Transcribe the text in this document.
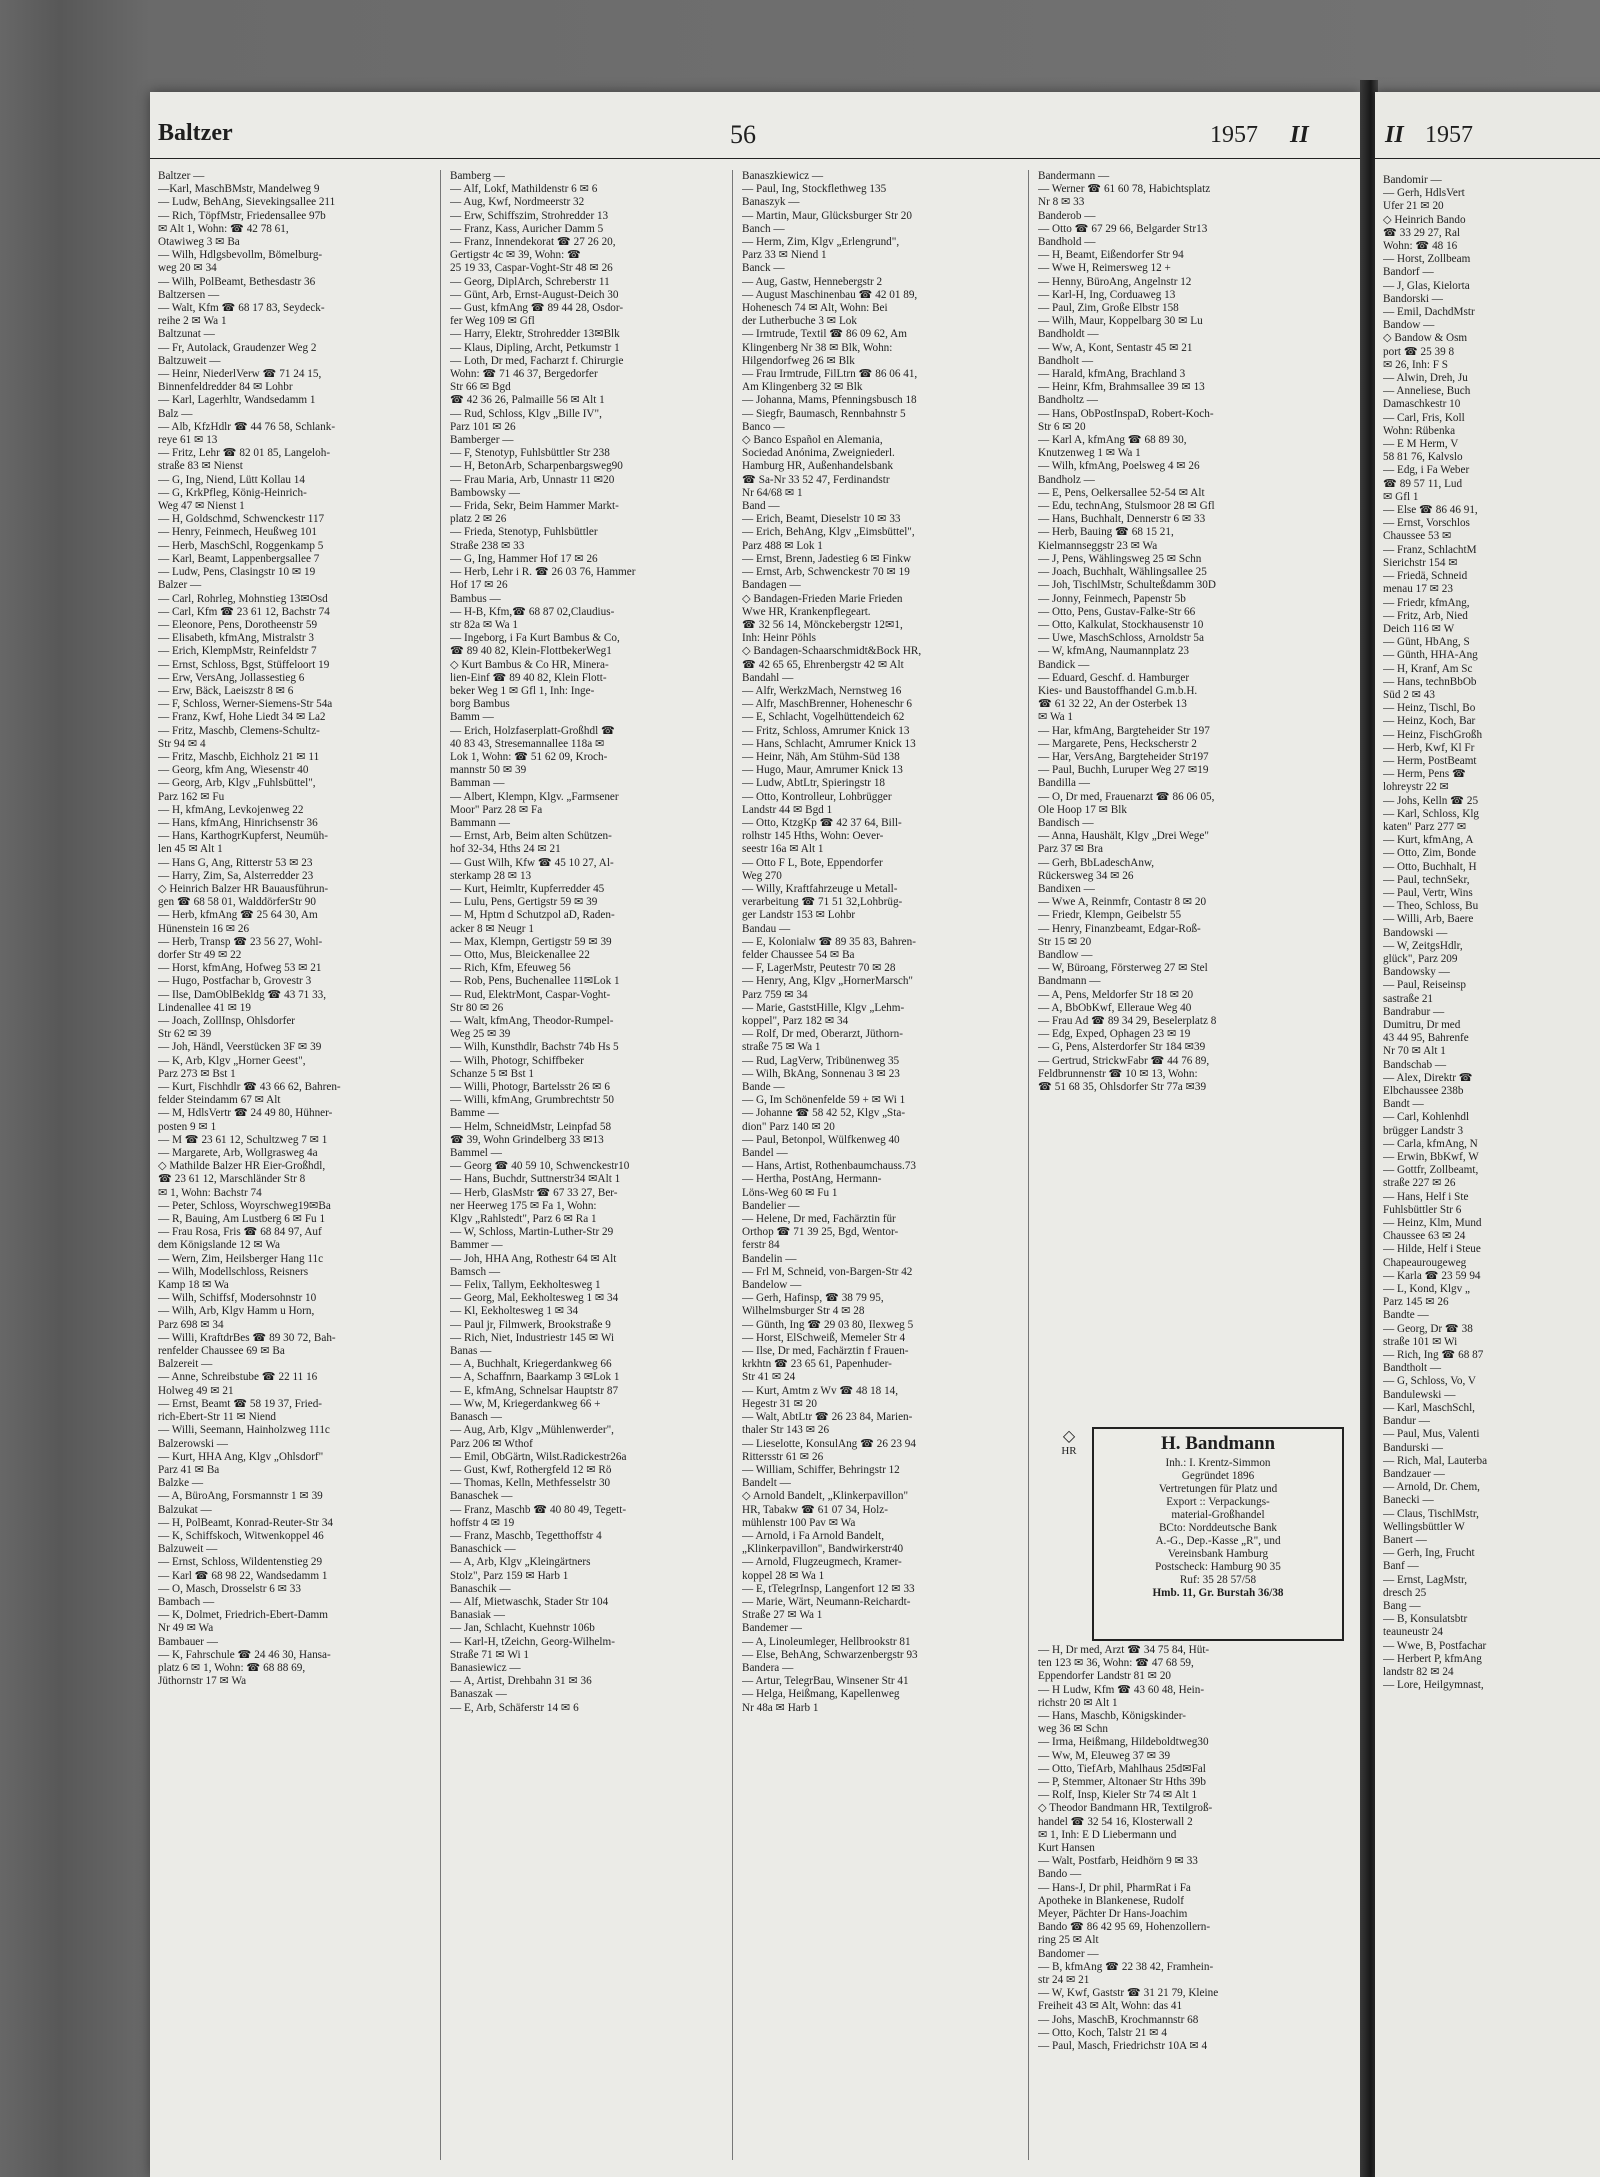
Baltzer	56	1957 II
Baltzer —
—Karl, MaschBMstr, Mandelweg 9
— Ludw, BehAng, Sievekingsallee 211
— Rich, TöpfMstr, Friedensallee 97b
✉ Alt 1, Wohn: ☎ 42 78 61,
Otawiweg 3 ✉ Ba
— Wilh, Hdlgsbevollm, Bömelburg-
weg 20 ✉ 34
— Wilh, PolBeamt, Bethesdastr 36
Baltzersen —
— Walt, Kfm ☎ 68 17 83, Seydeck-
reihe 2 ✉ Wa 1
Baltzunat —
— Fr, Autolack, Graudenzer Weg 2
Baltzuweit —
— Heinr, NiederlVerw ☎ 71 24 15,
Binnenfeldredder 84 ✉ Lohbr
— Karl, Lagerhltr, Wandsedamm 1
Balz —
— Alb, KfzHdlr ☎ 44 76 58, Schlank-
reye 61 ✉ 13
— Fritz, Lehr ☎ 82 01 85, Langeloh-
straße 83 ✉ Nienst
— G, Ing, Niend, Lütt Kollau 14
— G, KrkPfleg, König-Heinrich-
Weg 47 ✉ Nienst 1
— H, Goldschmd, Schwenckestr 117
— Henry, Feinmech, Heußweg 101
— Herb, MaschSchl, Roggenkamp 5
— Karl, Beamt, Lappenbergsallee 7
— Ludw, Pens, Clasingstr 10 ✉ 19
Balzer —
— Carl, Rohrleg, Mohnstieg 13✉Osd
— Carl, Kfm ☎ 23 61 12, Bachstr 74
— Eleonore, Pens, Dorotheenstr 59
— Elisabeth, kfmAng, Mistralstr 3
— Erich, KlempMstr, Reinfeldstr 7
— Ernst, Schloss, Bgst, Stüffeloort 19
— Erw, VersAng, Jollassestieg 6
— Erw, Bäck, Laeiszstr 8 ✉ 6
— F, Schloss, Werner-Siemens-Str 54a
— Franz, Kwf, Hohe Liedt 34 ✉ La2
— Fritz, Maschb, Clemens-Schultz-
Str 94 ✉ 4
— Fritz, Maschb, Eichholz 21 ✉ 11
— Georg, kfm Ang, Wiesenstr 40
— Georg, Arb, Klgv „Fuhlsbüttel",
Parz 162 ✉ Fu
— H, kfmAng, Levkojenweg 22
— Hans, kfmAng, Hinrichsenstr 36
— Hans, KarthogrKupferst, Neumüh-
len 45 ✉ Alt 1
— Hans G, Ang, Ritterstr 53 ✉ 23
— Harry, Zim, Sa, Alsterredder 23
◇ Heinrich Balzer HR Bauausführun-
gen ☎ 68 58 01, WalddörferStr 90
— Herb, kfmAng ☎ 25 64 30, Am
Hünenstein 16 ✉ 26
— Herb, Transp ☎ 23 56 27, Wohl-
dorfer Str 49 ✉ 22
— Horst, kfmAng, Hofweg 53 ✉ 21
— Hugo, Postfachar b, Grovestr 3
— Ilse, DamOblBekldg ☎ 43 71 33,
Lindenallee 41 ✉ 19
— Joach, ZollInsp, Ohlsdorfer
Str 62 ✉ 39
— Joh, Händl, Veerstücken 3F ✉ 39
— K, Arb, Klgv „Horner Geest",
Parz 273 ✉ Bst 1
— Kurt, Fischhdlr ☎ 43 66 62, Bahren-
felder Steindamm 67 ✉ Alt
— M, HdlsVertr ☎ 24 49 80, Hühner-
posten 9 ✉ 1
— M ☎ 23 61 12, Schultzweg 7 ✉ 1
— Margarete, Arb, Wollgrasweg 4a
◇ Mathilde Balzer HR Eier-Großhdl,
☎ 23 61 12, Marschländer Str 8
✉ 1, Wohn: Bachstr 74
— Peter, Schloss, Woyrschweg19✉Ba
— R, Bauing, Am Lustberg 6 ✉ Fu 1
— Frau Rosa, Fris ☎ 68 84 97, Auf
dem Königslande 12 ✉ Wa
— Wern, Zim, Heilsberger Hang 11c
— Wilh, Modellschloss, Reisners
Kamp 18 ✉ Wa
— Wilh, Schiffsf, Modersohnstr 10
— Wilh, Arb, Klgv Hamm u Horn,
Parz 698 ✉ 34
— Willi, KraftdrBes ☎ 89 30 72, Bah-
renfelder Chaussee 69 ✉ Ba
Balzereit —
— Anne, Schreibstube ☎ 22 11 16
Holweg 49 ✉ 21
— Ernst, Beamt ☎ 58 19 37, Fried-
rich-Ebert-Str 11 ✉ Niend
— Willi, Seemann, Hainholzweg 111c
Balzerowski —
— Kurt, HHA Ang, Klgv „Ohlsdorf"
Parz 41 ✉ Ba
Balzke —
— A, BüroAng, Forsmannstr 1 ✉ 39
Balzukat —
— H, PolBeamt, Konrad-Reuter-Str 34
— K, Schiffskoch, Witwenkoppel 46
Balzuweit —
— Ernst, Schloss, Wildentenstieg 29
— Karl ☎ 68 98 22, Wandsedamm 1
— O, Masch, Drosselstr 6 ✉ 33
Bambach —
— K, Dolmet, Friedrich-Ebert-Damm
Nr 49 ✉ Wa
Bambauer —
— K, Fahrschule ☎ 24 46 30, Hansa-
platz 6 ✉ 1, Wohn: ☎ 68 88 69,
Jüthornstr 17 ✉ Wa
Bamberg —
— Alf, Lokf, Mathildenstr 6 ✉ 6
— Aug, Kwf, Nordmeerstr 32
— Erw, Schiffszim, Strohredder 13
— Franz, Kass, Auricher Damm 5
— Franz, Innendekorat ☎ 27 26 20,
Gertigstr 4c ✉ 39, Wohn: ☎
25 19 33, Caspar-Voght-Str 48 ✉ 26
— Georg, DiplArch, Schreberstr 11
— Günt, Arb, Ernst-August-Deich 30
— Gust, kfmAng ☎ 89 44 28, Osdor-
fer Weg 109 ✉ Gfl
— Harry, Elektr, Strohredder 13✉Blk
— Klaus, Dipling, Archt, Petkumstr 1
— Loth, Dr med, Facharzt f. Chirurgie
Wohn: ☎ 71 46 37, Bergedorfer
Str 66 ✉ Bgd
☎ 42 36 26, Palmaille 56 ✉ Alt 1
— Rud, Schloss, Klgv „Bille IV",
Parz 101 ✉ 26
Bamberger —
— F, Stenotyp, Fuhlsbüttler Str 238
— H, BetonArb, Scharpenbargsweg90
— Frau Maria, Arb, Unnastr 11 ✉20
Bambowsky —
— Frida, Sekr, Beim Hammer Markt-
platz 2 ✉ 26
— Frieda, Stenotyp, Fuhlsbüttler
Straße 238 ✉ 33
— G, Ing, Hammer Hof 17 ✉ 26
— Herb, Lehr i R. ☎ 26 03 76, Hammer
Hof 17 ✉ 26
Bambus —
— H-B, Kfm,☎ 68 87 02,Claudius-
str 82a ✉ Wa 1
— Ingeborg, i Fa Kurt Bambus & Co,
☎ 89 40 82, Klein-FlottbekerWeg1
◇ Kurt Bambus & Co HR, Minera-
lien-Einf ☎ 89 40 82, Klein Flott-
beker Weg 1 ✉ Gfl 1, Inh: Inge-
borg Bambus
Bamm —
— Erich, Holzfaserplatt-Großhdl ☎
40 83 43, Stresemannallee 118a ✉
Lok 1, Wohn: ☎ 51 62 09, Kroch-
mannstr 50 ✉ 39
Bamman —
— Albert, Klempn, Klgv. „Farmsener
Moor" Parz 28 ✉ Fa
Bammann —
— Ernst, Arb, Beim alten Schützen-
hof 32-34, Hths 24 ✉ 21
— Gust Wilh, Kfw ☎ 45 10 27, Al-
sterkamp 28 ✉ 13
— Kurt, Heimltr, Kupferredder 45
— Lulu, Pens, Gertigstr 59 ✉ 39
— M, Hptm d Schutzpol aD, Raden-
acker 8 ✉ Neugr 1
— Max, Klempn, Gertigstr 59 ✉ 39
— Otto, Mus, Bleickenallee 22
— Rich, Kfm, Efeuweg 56
— Rob, Pens, Buchenallee 11✉Lok 1
— Rud, ElektrMont, Caspar-Voght-
Str 80 ✉ 26
— Walt, kfmAng, Theodor-Rumpel-
Weg 25 ✉ 39
— Wilh, Kunsthdlr, Bachstr 74b Hs 5
— Wilh, Photogr, Schiffbeker
Schanze 5 ✉ Bst 1
— Willi, Photogr, Bartelsstr 26 ✉ 6
— Willi, kfmAng, Grumbrechtstr 50
Bamme —
— Helm, SchneidMstr, Leinpfad 58
☎ 39, Wohn Grindelberg 33 ✉13
Bammel —
— Georg ☎ 40 59 10, Schwenckestr10
— Hans, Buchdr, Suttnerstr34 ✉Alt 1
— Herb, GlasMstr ☎ 67 33 27, Ber-
ner Heerweg 175 ✉ Fa 1, Wohn:
Klgv „Rahlstedt", Parz 6 ✉ Ra 1
— W, Schloss, Martin-Luther-Str 29
Bammer —
— Joh, HHA Ang, Rothestr 64 ✉ Alt
Bamsch —
— Felix, Tallym, Eekholtesweg 1
— Georg, Mal, Eekholtesweg 1 ✉ 34
— Kl, Eekholtesweg 1 ✉ 34
— Paul jr, Filmwerk, Brookstraße 9
— Rich, Niet, Industriestr 145 ✉ Wi
Banas —
— A, Buchhalt, Kriegerdankweg 66
— A, Schaffnrn, Baarkamp 3 ✉Lok 1
— E, kfmAng, Schnelsar Hauptstr 87
— Ww, M, Kriegerdankweg 66 +
Banasch —
— Aug, Arb, Klgv „Mühlenwerder",
Parz 206 ✉ Wthof
— Emil, ObGärtn, Wilst.Radickestr26a
— Gust, Kwf, Rothergfeld 12 ✉ Rö
— Thomas, Kelln, Methfesselstr 30
Banaschek —
— Franz, Maschb ☎ 40 80 49, Tegett-
hoffstr 4 ✉ 19
— Franz, Maschb, Tegetthoffstr 4
Banaschick —
— A, Arb, Klgv „Kleingärtners
Stolz", Parz 159 ✉ Harb 1
Banaschik —
— Alf, Mietwaschk, Stader Str 104
Banasiak —
— Jan, Schlacht, Kuehnstr 106b
— Karl-H, tZeichn, Georg-Wilhelm-
Straße 71 ✉ Wi 1
Banasiewicz —
— A, Artist, Drehbahn 31 ✉ 36
Banaszak —
— E, Arb, Schäferstr 14 ✉ 6
Banaszkiewicz —
— Paul, Ing, Stockflethweg 135
Banaszyk —
— Martin, Maur, Glücksburger Str 20
Banch —
— Herm, Zim, Klgv „Erlengrund",
Parz 33 ✉ Niend 1
Banck —
— Aug, Gastw, Hennebergstr 2
— August Maschinenbau ☎ 42 01 89,
Hohenesch 74 ✉ Alt, Wohn: Bei
der Lutherbuche 3 ✉ Lok
— Irmtrude, Textil ☎ 86 09 62, Am
Klingenberg Nr 38 ✉ Blk, Wohn:
Hilgendorfweg 26 ✉ Blk
— Frau Irmtrude, FilLtrn ☎ 86 06 41,
Am Klingenberg 32 ✉ Blk
— Johanna, Mams, Pfenningsbusch 18
— Siegfr, Baumasch, Rennbahnstr 5
Banco —
◇ Banco Español en Alemania,
Sociedad Anónima, Zweigniederl.
Hamburg HR, Außenhandelsbank
☎ Sa-Nr 33 52 47, Ferdinandstr
Nr 64/68 ✉ 1
Band —
— Erich, Beamt, Dieselstr 10 ✉ 33
— Erich, BehAng, Klgv „Eimsbüttel",
Parz 488 ✉ Lok 1
— Ernst, Brenn, Jadestieg 6 ✉ Finkw
— Ernst, Arb, Schwenckestr 70 ✉ 19
Bandagen —
◇ Bandagen-Frieden Marie Frieden
Wwe HR, Krankenpflegeart.
☎ 32 56 14, Mönckebergstr 12✉1,
Inh: Heinr Pöhls
◇ Bandagen-Schaarschmidt&Bock HR,
☎ 42 65 65, Ehrenbergstr 42 ✉ Alt
Bandahl —
— Alfr, WerkzMach, Nernstweg 16
— Alfr, MaschBrenner, Hoheneschr 6
— E, Schlacht, Vogelhüttendeich 62
— Fritz, Schloss, Amrumer Knick 13
— Hans, Schlacht, Amrumer Knick 13
— Heinr, Näh, Am Stühm-Süd 138
— Hugo, Maur, Amrumer Knick 13
— Ludw, AbtLtr, Spieringstr 18
— Otto, Kontrolleur, Lohbrügger
Landstr 44 ✉ Bgd 1
— Otto, KtzgKp ☎ 42 37 64, Bill-
rolhstr 145 Hths, Wohn: Oever-
seestr 16a ✉ Alt 1
— Otto F L, Bote, Eppendorfer
Weg 270
— Willy, Kraftfahrzeuge u Metall-
verarbeitung ☎ 71 51 32,Lohbrüg-
ger Landstr 153 ✉ Lohbr
Bandau —
— E, Kolonialw ☎ 89 35 83, Bahren-
felder Chaussee 54 ✉ Ba
— F, LagerMstr, Peutestr 70 ✉ 28
— Henry, Ang, Klgv „HornerMarsch"
Parz 759 ✉ 34
— Marie, GaststHille, Klgv „Lehm-
koppel", Parz 182 ✉ 34
— Rolf, Dr med, Oberarzt, Jüthorn-
straße 75 ✉ Wa 1
— Rud, LagVerw, Tribünenweg 35
— Wilh, BkAng, Sonnenau 3 ✉ 23
Bande —
— G, Im Schönenfelde 59 + ✉ Wi 1
— Johanne ☎ 58 42 52, Klgv „Sta-
dion" Parz 140 ✉ 20
— Paul, Betonpol, Wülfkenweg 40
Bandel —
— Hans, Artist, Rothenbaumchauss.73
— Hertha, PostAng, Hermann-
Löns-Weg 60 ✉ Fu 1
Bandelier —
— Helene, Dr med, Fachärztin für
Orthop ☎ 71 39 25, Bgd, Wentor-
ferstr 84
Bandelin —
— Frl M, Schneid, von-Bargen-Str 42
Bandelow —
— Gerh, Hafinsp, ☎ 38 79 95,
Wilhelmsburger Str 4 ✉ 28
— Günth, Ing ☎ 29 03 80, Ilexweg 5
— Horst, ElSchweiß, Memeler Str 4
— Ilse, Dr med, Fachärztin f Frauen-
krkhtn ☎ 23 65 61, Papenhuder-
Str 41 ✉ 24
— Kurt, Amtm z Wv ☎ 48 18 14,
Hegestr 31 ✉ 20
— Walt, AbtLtr ☎ 26 23 84, Marien-
thaler Str 143 ✉ 26
— Lieselotte, KonsulAng ☎ 26 23 94
Rittersstr 61 ✉ 26
— William, Schiffer, Behringstr 12
Bandelt —
◇ Arnold Bandelt, „Klinkerpavillon"
HR, Tabakw ☎ 61 07 34, Holz-
mühlenstr 100 Pav ✉ Wa
— Arnold, i Fa Arnold Bandelt,
„Klinkerpavillon", Bandwirkerstr40
— Arnold, Flugzeugmech, Kramer-
koppel 28 ✉ Wa 1
— E, tTelegrInsp, Langenfort 12 ✉ 33
— Marie, Wärt, Neumann-Reichardt-
Straße 27 ✉ Wa 1
Bandemer —
— A, Linoleumleger, Hellbrookstr 81
— Else, BehAng, Schwarzenbergstr 93
Bandera —
— Artur, TelegrBau, Winsener Str 41
— Helga, Heißmang, Kapellenweg
Nr 48a ✉ Harb 1
Bandermann —
— Werner ☎ 61 60 78, Habichtsplatz
Nr 8 ✉ 33
Banderob —
— Otto ☎ 67 29 66, Belgarder Str13
Bandhold —
— H, Beamt, Eißendorfer Str 94
— Wwe H, Reimersweg 12 +
— Henny, BüroAng, Angelnstr 12
— Karl-H, Ing, Corduaweg 13
— Paul, Zim, Große Elbstr 158
— Wilh, Maur, Koppelbarg 30 ✉ Lu
Bandholdt —
— Ww, A, Kont, Sentastr 45 ✉ 21
Bandholt —
— Harald, kfmAng, Brachland 3
— Heinr, Kfm, Brahmsallee 39 ✉ 13
Bandholtz —
— Hans, ObPostInspaD, Robert-Koch-
Str 6 ✉ 20
— Karl A, kfmAng ☎ 68 89 30,
Knutzenweg 1 ✉ Wa 1
— Wilh, kfmAng, Poelsweg 4 ✉ 26
Bandholz —
— E, Pens, Oelkersallee 52-54 ✉ Alt
— Edu, technAng, Stulsmoor 28 ✉ Gfl
— Hans, Buchhalt, Dennerstr 6 ✉ 33
— Herb, Bauing ☎ 68 15 21,
Kielmannseggstr 23 ✉ Wa
— J, Pens, Wählingsweg 25 ✉ Schn
— Joach, Buchhalt, Wählingsallee 25
— Joh, TischlMstr, Schulteßdamm 30D
— Jonny, Feinmech, Papenstr 5b
— Otto, Pens, Gustav-Falke-Str 66
— Otto, Kalkulat, Stockhausenstr 10
— Uwe, MaschSchloss, Arnoldstr 5a
— W, kfmAng, Naumannplatz 23
Bandick —
— Eduard, Geschf. d. Hamburger
Kies- und Baustoffhandel G.m.b.H.
☎ 61 32 22, An der Osterbek 13
✉ Wa 1
— Har, kfmAng, Bargteheider Str 197
— Margarete, Pens, Heckscherstr 2
— Har, VersAng, Bargteheider Str197
— Paul, Buchh, Luruper Weg 27 ✉19
Bandilla —
— O, Dr med, Frauenarzt ☎ 86 06 05,
Ole Hoop 17 ✉ Blk
Bandisch —
— Anna, Haushält, Klgv „Drei Wege"
Parz 37 ✉ Bra
— Gerh, BbLadeschAnw,
Rückersweg 34 ✉ 26
Bandixen —
— Wwe A, Reinmfr, Contastr 8 ✉ 20
— Friedr, Klempn, Geibelstr 55
— Henry, Finanzbeamt, Edgar-Roß-
Str 15 ✉ 20
Bandlow —
— W, Büroang, Försterweg 27 ✉ Stel
Bandmann —
— A, Pens, Meldorfer Str 18 ✉ 20
— A, BbObKwf, Elleraue Weg 40
— Frau Ad ☎ 89 34 29, Beselerplatz 8
— Edg, Exped, Ophagen 23 ✉ 19
— G, Pens, Alsterdorfer Str 184 ✉39
— Gertrud, StrickwFabr ☎ 44 76 89,
Feldbrunnenstr ☎ 10 ✉ 13, Wohn:
☎ 51 68 35, Ohlsdorfer Str 77a ✉39
◇
HR	H. Bandmann
Inh.: I. Krentz-Simmon
Gegründet 1896
Vertretungen für Platz und
Export :: Verpackungs-
material-Großhandel
BCto: Norddeutsche Bank
A.-G., Dep.-Kasse „R", und
Vereinsbank Hamburg
Postscheck: Hamburg 90 35
Ruf: 35 28 57/58
Hmb. 11, Gr. Burstah 36/38
— H, Dr med, Arzt ☎ 34 75 84, Hüt-
ten 123 ✉ 36, Wohn: ☎ 47 68 59,
Eppendorfer Landstr 81 ✉ 20
— H Ludw, Kfm ☎ 43 60 48, Hein-
richstr 20 ✉ Alt 1
— Hans, Maschb, Königskinder-
weg 36 ✉ Schn
— Irma, Heißmang, Hildeboldtweg30
— Ww, M, Eleuweg 37 ✉ 39
— Otto, TiefArb, Mahlhaus 25d✉Fal
— P, Stemmer, Altonaer Str Hths 39b
— Rolf, Insp, Kieler Str 74 ✉ Alt 1
◇ Theodor Bandmann HR, Textilgroß-
handel ☎ 32 54 16, Klosterwall 2
✉ 1, Inh: E D Liebermann und
Kurt Hansen
— Walt, Postfarb, Heidhörn 9 ✉ 33
Bando —
— Hans-J, Dr phil, PharmRat i Fa
Apotheke in Blankenese, Rudolf
Meyer, Pächter Dr Hans-Joachim
Bando ☎ 86 42 95 69, Hohenzollern-
ring 25 ✉ Alt
Bandomer —
— B, kfmAng ☎ 22 38 42, Framhein-
str 24 ✉ 21
— W, Kwf, Gaststr ☎ 31 21 79, Kleine
Freiheit 43 ✉ Alt, Wohn: das 41
— Johs, MaschB, Krochmannstr 68
— Otto, Koch, Talstr 21 ✉ 4
— Paul, Masch, Friedrichstr 10A ✉ 4
II 1957
Bandomir —
— Gerh, HdlsVert
Ufer 21 ✉ 20
◇ Heinrich Bando
☎ 33 29 27, Ral
Wohn: ☎ 48 16
— Horst, Zollbeam
Bandorf —
— J, Glas, Kielorta
Bandorski —
— Emil, DachdMstr
Bandow —
◇ Bandow & Osm
port ☎ 25 39 8
✉ 26, Inh: F S
— Alwin, Dreh, Ju
— Anneliese, Buch
Damaschkestr 10
— Carl, Fris, Koll
Wohn: Rübenka
— E M Herm, V
58 81 76, Kalvslo
— Edg, i Fa Weber
☎ 89 57 11, Lud
✉ Gfl 1
— Else ☎ 86 46 91,
— Ernst, Vorschlos
Chaussee 53 ✉
— Franz, SchlachtM
Sierichstr 154 ✉
— Friedä, Schneid
menau 17 ✉ 23
— Friedr, kfmAng,
— Fritz, Arb, Nied
Deich 116 ✉ W
— Günt, HbAng, S
— Günth, HHA-Ang
— H, Kranf, Am Sc
— Hans, technBbOb
Süd 2 ✉ 43
— Heinz, Tischl, Bo
— Heinz, Koch, Bar
— Heinz, FischGroßh
— Herb, Kwf, Kl Fr
— Herm, PostBeamt
— Herm, Pens ☎
lohreystr 22 ✉
— Johs, Kelln ☎ 25
— Karl, Schloss, Klg
katen" Parz 277 ✉
— Kurt, kfmAng, A
— Otto, Zim, Bonde
— Otto, Buchhalt, H
— Paul, technSekr,
— Paul, Vertr, Wins
— Theo, Schloss, Bu
— Willi, Arb, Baere
Bandowski —
— W, ZeitgsHdlr,
glück", Parz 209
Bandowsky —
— Paul, Reiseinsp
sastraße 21
Bandrabur —
Dumitru, Dr med
43 44 95, Bahrenfe
Nr 70 ✉ Alt 1
Bandschab —
— Alex, Direktr ☎
Elbchaussee 238b
Bandt —
— Carl, Kohlenhdl
brügger Landstr 3
— Carla, kfmAng, N
— Erwin, BbKwf, W
— Gottfr, Zollbeamt,
straße 227 ✉ 26
— Hans, Helf i Ste
Fuhlsbüttler Str 6
— Heinz, Klm, Mund
Chaussee 63 ✉ 24
— Hilde, Helf i Steue
Chapeaurougeweg
— Karla ☎ 23 59 94
— L, Kond, Klgv „
Parz 145 ✉ 26
Bandte —
— Georg, Dr ☎ 38
straße 101 ✉ Wi
— Rich, Ing ☎ 68 87
Bandtholt —
— G, Schloss, Vo, V
Bandulewski —
— Karl, MaschSchl,
Bandur —
— Paul, Mus, Valenti
Bandurski —
— Rich, Mal, Lauterba
Bandzauer —
— Arnold, Dr. Chem,
Banecki —
— Claus, TischlMstr,
Wellingsbüttler W
Banert —
— Gerh, Ing, Frucht
Banf —
— Ernst, LagMstr,
dresch 25
Bang —
— B, Konsulatsbtr
teauneustr 24
— Wwe, B, Postfachar
— Herbert P, kfmAng
landstr 82 ✉ 24
— Lore, Heilgymnast,
